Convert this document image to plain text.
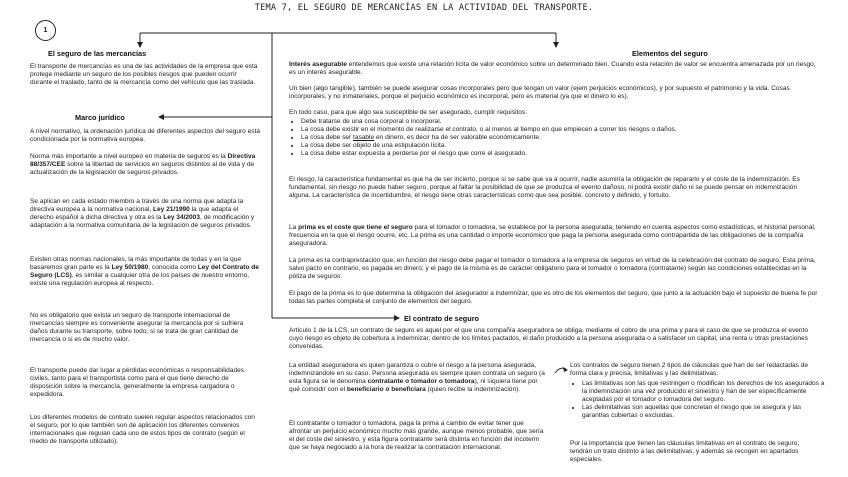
TEMA 7, EL SEGURO DE MERCANCÍAS EN LA ACTIVIDAD DEL TRANSPORTE.
1
El seguro de las mercancías
El transporte de mercancías es una de las actividades de la empresa que esta protege mediante un seguro de los posibles riesgos que pueden ocurrir durante el traslado, tanto de la mercancía como del vehículo que las traslada.
Marco jurídico
A nivel normativo, la ordenación jurídica de diferentes aspectos del seguro está condicionada por la normativa europea.
Norma más importante a nivel europeo en materia de seguros es la Directiva 88/357/CEE sobre la libertad de servicios en seguros distintos al de vida y de actualización de la legislación de seguros privados.
Se aplican en cada estado miembro a través de una norma que adapta la directiva europea a la normativa nacional, Ley 21/1990 la que adapta el derecho español a dicha directiva y otra es la Ley 34/2003, de modificación y adaptación a la normativa comunitaria de la legislación de seguros privados.
Existen otras normas nacionales, la más importante de todas y en la que basaremos gran parte es la Ley 50/1980, conocida como Ley del Contrato de Seguro (LCS), es similar a cualquier otra de los países de nuestro entorno, existe una regulación europea al respecto.
No es obligatorio que exista un seguro de transporte internacional de mercancías siempre es conveniente asegurar la mercancía por si sufriera daños durante su transporte, sobre todo, si se trata de gran cantidad de mercancía o si es de mucho valor.
El transporte puede dar lugar a pérdidas económicas o responsabilidades civiles, tanto para el transportista como para el que tiene derecho de disposición sobre la mercancía, generalmente la empresa cargadora o expedidora.
Los diferentes modelos de contrato suelen regular aspectos relacionados con el seguro, por lo que también son de aplicación los diferentes convenios internacionales que regulan cada uno de estos tipos de contrato (según el medio de transporte utilizado).
Elementos del seguro
Interés asegurable entendemos que existe una relación lícita de valor económico sobre un determinado bien. Cuando esta relación de valor se encuentra amenazada por un riesgo, es un interés asegurable.
Un bien (algo tangible), también se puede asegurar cosas incorporales pero que tengan un valor (ejem perjuicios económicos), y por supuesto el patrimonio y la vida. Cosas incorporales, y no inmateriales, porque el perjuicio económico es incorporal, pero es material (ya que el dinero lo es).
En todo caso, para que algo sea susceptible de ser asegurado, cumplir requisitos:
• Debe tratarse de una cosa corporal o incorporal.
• La cosa debe existir en el momento de realizarse el contrato, o al menos al tiempo en que empiecen a correr los riesgos o daños.
• La cosa debe ser tasable en dinero, es decir ha de ser valorable económicamente.
• La cosa debe ser objeto de una estipulación lícita.
• La cosa debe estar expuesta a perderse por el riesgo que corre el asegurado.
El riesgo, la característica fundamental es que ha de ser incierto, porque si se sabe que va a ocurrir, nadie asumiría la obligación de repararlo y el coste de la indemnización. Es fundamental, sin riesgo no puede haber seguro, porque al faltar la posibilidad de que se produzca el evento dañoso, ni podrá existir daño ni se puede pensar en indemnización alguna. La característica de incertidumbre, el riesgo tiene otras características como que sea posible, concreto y definido, y fortuito.
La prima es el coste que tiene el seguro para el tomador o tomadora, se establece por la persona asegurada, teniendo en cuenta aspectos como estadísticas, el historial personal, frecuencia en la que el riesgo ocurre, etc. La prima es una cantidad o importe económico que paga la persona asegurada como contrapartida de las obligaciones de la compañía aseguradora.
La prima es la contraprestación que, en función del riesgo debe pagar el tomador o tomadora a la empresa de seguros en virtud de la celebración del contrato de seguro. Esta prima, salvo pacto en contrario, es pagada en dinero; y el pago de la misma es de carácter obligatorio para el tomador o tomadora (contratante) según las condiciones establecidas en la póliza de seguros.
El pago de la prima es lo que determina la obligación del asegurador a indemnizar, que es otro de los elementos del seguro, que junto a la actuación bajo el supuesto de buena fe por todas las partes completa el conjunto de elementos del seguro.
El contrato de seguro
Artículo 1 de la LCS, un contrato de seguro es aquel por el que una compañía aseguradora se obliga, mediante el cobro de una prima y para el caso de que se produzca el evento cuyo riesgo es objeto de cobertura a indemnizar, dentro de los límites pactados, el daño producido a la persona asegurada o a satisfacer un capital, una renta u otras prestaciones convenidas.
La entidad aseguradora es quien garantiza o cubre el riesgo a la persona asegurada, indemnizándole en su caso. Persona asegurada es siempre quien contrata un seguro (a esta figura se le denomina contratante o tomador o tomadora), ni siquiera tiene por qué coincidir con el beneficiario o beneficiara (quien recibe la indemnización).
El contratante o tomador o tomadora, paga la prima a cambio de evitar tener que afrontar un perjuicio económico mucho más grande, aunque menos probable, que sería el del coste del siniestro, y esta figura contratante será distinta en función del incoterm que se haya negociado a la hora de realizar la contratación internacional.
Los contratos de seguro tienen 2 tipos de cláusulas que han de ser redactadas de forma clara y precisa, limitativas y las delimitativas.
• Las limitativas son las que restringen o modifican los derechos de los asegurados a la indemnización una vez producido el siniestro y han de ser específicamente aceptadas por el tomador o tomadora del seguro.
• Las delimitativas son aquellas que concretan el riesgo que se asegura y las garantías cubiertas o excluidas.
Por la importancia que tienen las cláusulas limitativas en el contrato de seguro, tendrán un trato distinto a las delimitativas, y además se recogen en apartados especiales.
